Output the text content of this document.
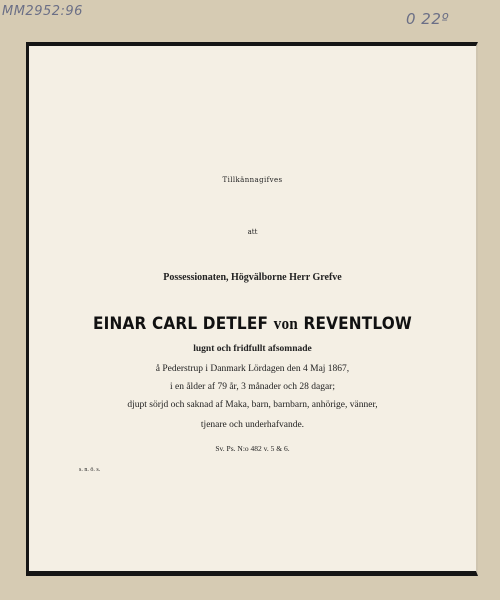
MM2952:96	0 22º
Tillkännagifves
att
Possessionaten, Högvälborne Herr Grefve
EINAR CARL DETLEF von REVENTLOW
lugnt och fridfullt afsomnade
å Pederstrup i Danmark Lördagen den 4 Maj 1867,
i en ålder af 79 år, 3 månader och 28 dagar;
djupt sörjd och saknad af Maka, barn, barnbarn, anhörige, vänner,
tjenare och underhafvande.
Sv. Ps. N:o 482 v. 5 & 6.
s. n. ö. s.
